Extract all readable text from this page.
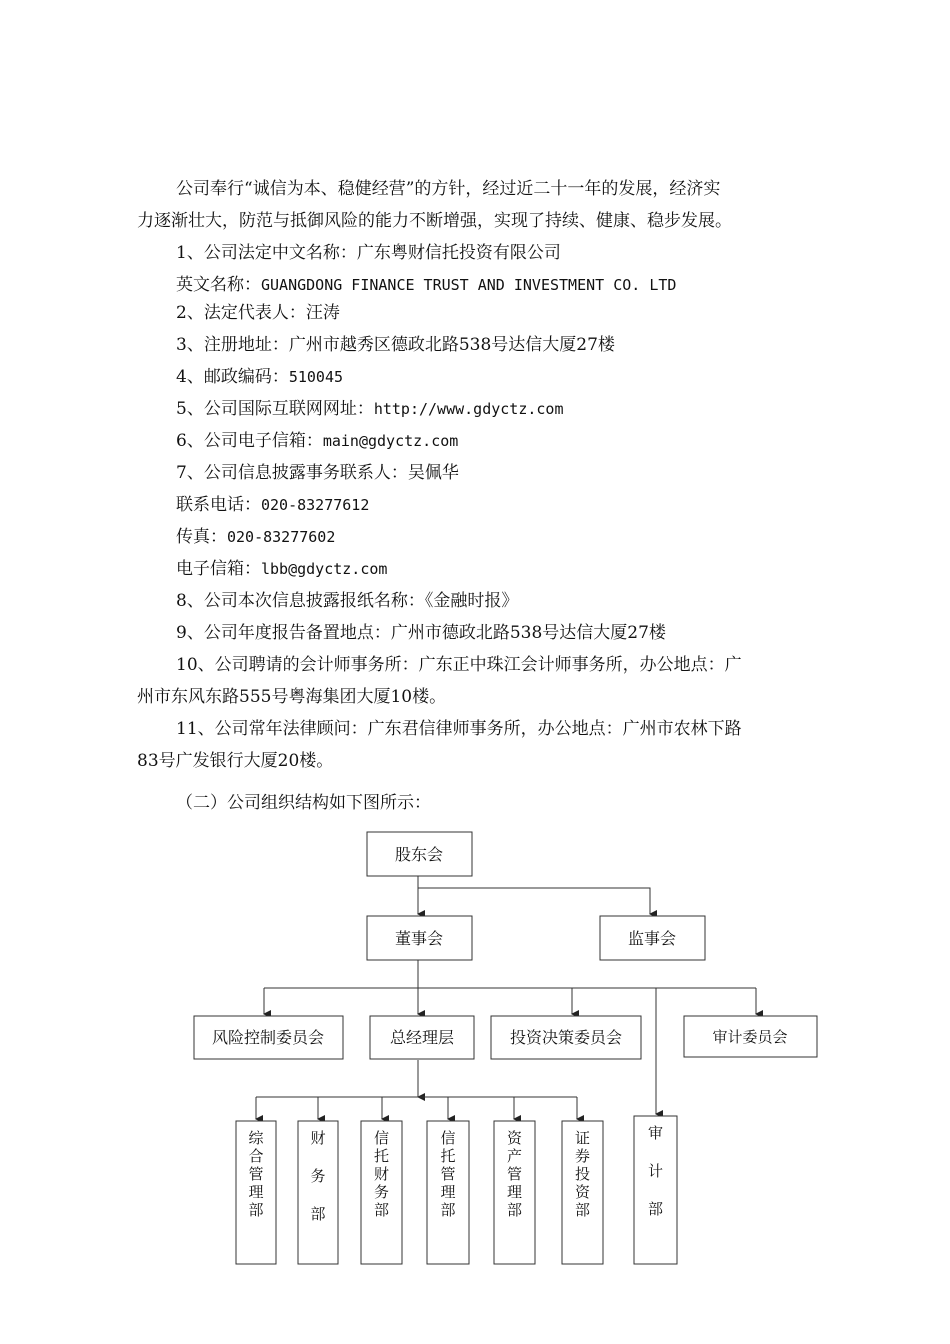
公司奉行“诚信为本、稳健经营”的方针，经过近二十一年的发展，经济实
力逐渐壮大，防范与抵御风险的能力不断增强，实现了持续、健康、稳步发展。
1、公司法定中文名称：广东粤财信托投资有限公司
英文名称：GUANGDONG FINANCE TRUST AND INVESTMENT CO. LTD
2、法定代表人：汪涛
3、注册地址：广州市越秀区德政北路538号达信大厦27楼
4、邮政编码：510045
5、公司国际互联网网址：http://www.gdyctz.com
6、公司电子信箱：main@gdyctz.com
7、公司信息披露事务联系人：吴佩华
联系电话：020-83277612
传真：020-83277602
电子信箱：lbb@gdyctz.com
8、公司本次信息披露报纸名称：《金融时报》
9、公司年度报告备置地点：广州市德政北路538号达信大厦27楼
10、公司聘请的会计师事务所：广东正中珠江会计师事务所，办公地点：广
州市东风东路555号粤海集团大厦10楼。
11、公司常年法律顾问：广东君信律师事务所，办公地点：广州市农林下路
83号广发银行大厦20楼。
（二）公司组织结构如下图所示：
股东会
董事会	监事会
风险控制委员会	总经理层	投资决策委员会	审计委员会
综合管理部
财务部
信托财务部
信托管理部
资产管理部
证券投资部
审计部
